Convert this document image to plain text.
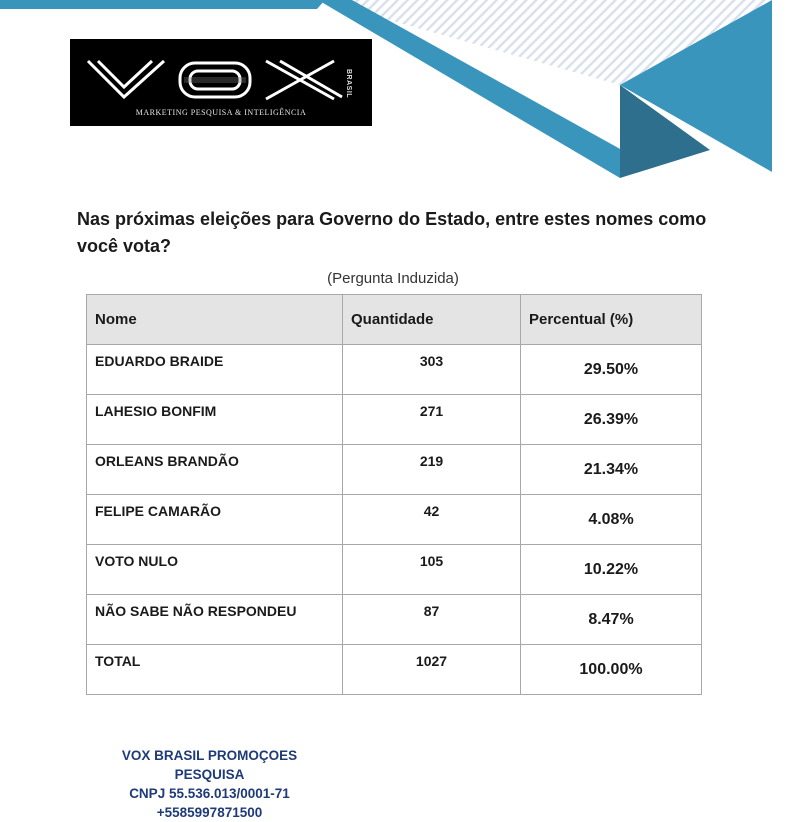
VOX
BRASIL
MARKETING PESQUISA & INTELIGÊNCIA
Nas próximas eleições para Governo do Estado, entre estes nomes como você vota?
(Pergunta Induzida)
Nome	Quantidade	Percentual (%)
EDUARDO BRAIDE	303	29.50%
LAHESIO BONFIM	271	26.39%
ORLEANS BRANDÃO	219	21.34%
FELIPE CAMARÃO	42	4.08%
VOTO NULO	105	10.22%
NÃO SABE NÃO RESPONDEU	87	8.47%
TOTAL	1027	100.00%
VOX BRASIL PROMOÇOES PESQUISA
CNPJ 55.536.013/0001-71
+5585997871500
